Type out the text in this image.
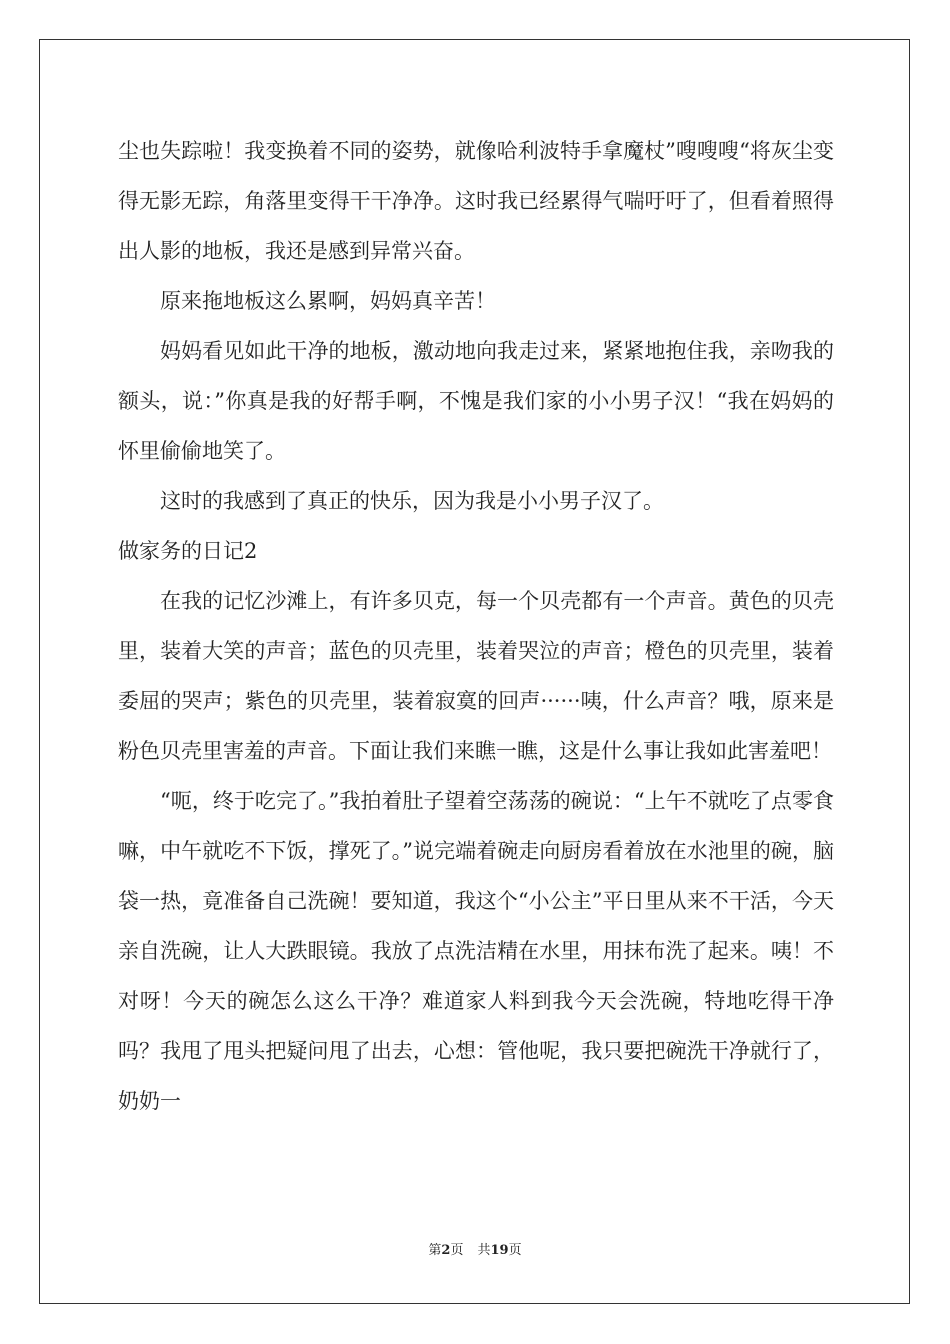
尘也失踪啦！我变换着不同的姿势，就像哈利波特手拿魔杖”嗖嗖嗖“将灰尘变得无影无踪，角落里变得干干净净。这时我已经累得气喘吁吁了，但看着照得出人影的地板，我还是感到异常兴奋。

原来拖地板这么累啊，妈妈真辛苦！

妈妈看见如此干净的地板，激动地向我走过来，紧紧地抱住我，亲吻我的额头，说：”你真是我的好帮手啊，不愧是我们家的小小男子汉！“我在妈妈的怀里偷偷地笑了。

这时的我感到了真正的快乐，因为我是小小男子汉了。

做家务的日记2

在我的记忆沙滩上，有许多贝克，每一个贝壳都有一个声音。黄色的贝壳里，装着大笑的声音；蓝色的贝壳里，装着哭泣的声音；橙色的贝壳里，装着委屈的哭声；紫色的贝壳里，装着寂寞的回声······咦，什么声音？哦，原来是粉色贝壳里害羞的声音。下面让我们来瞧一瞧，这是什么事让我如此害羞吧！

“呃，终于吃完了。”我拍着肚子望着空荡荡的碗说：“上午不就吃了点零食嘛，中午就吃不下饭，撑死了。”说完端着碗走向厨房看着放在水池里的碗，脑袋一热，竟准备自己洗碗！要知道，我这个“小公主”平日里从来不干活，今天亲自洗碗，让人大跌眼镜。我放了点洗洁精在水里，用抹布洗了起来。咦！不对呀！今天的碗怎么这么干净？难道家人料到我今天会洗碗，特地吃得干净吗？我甩了甩头把疑问甩了出去，心想：管他呢，我只要把碗洗干净就行了，奶奶一

第2页 共19页
